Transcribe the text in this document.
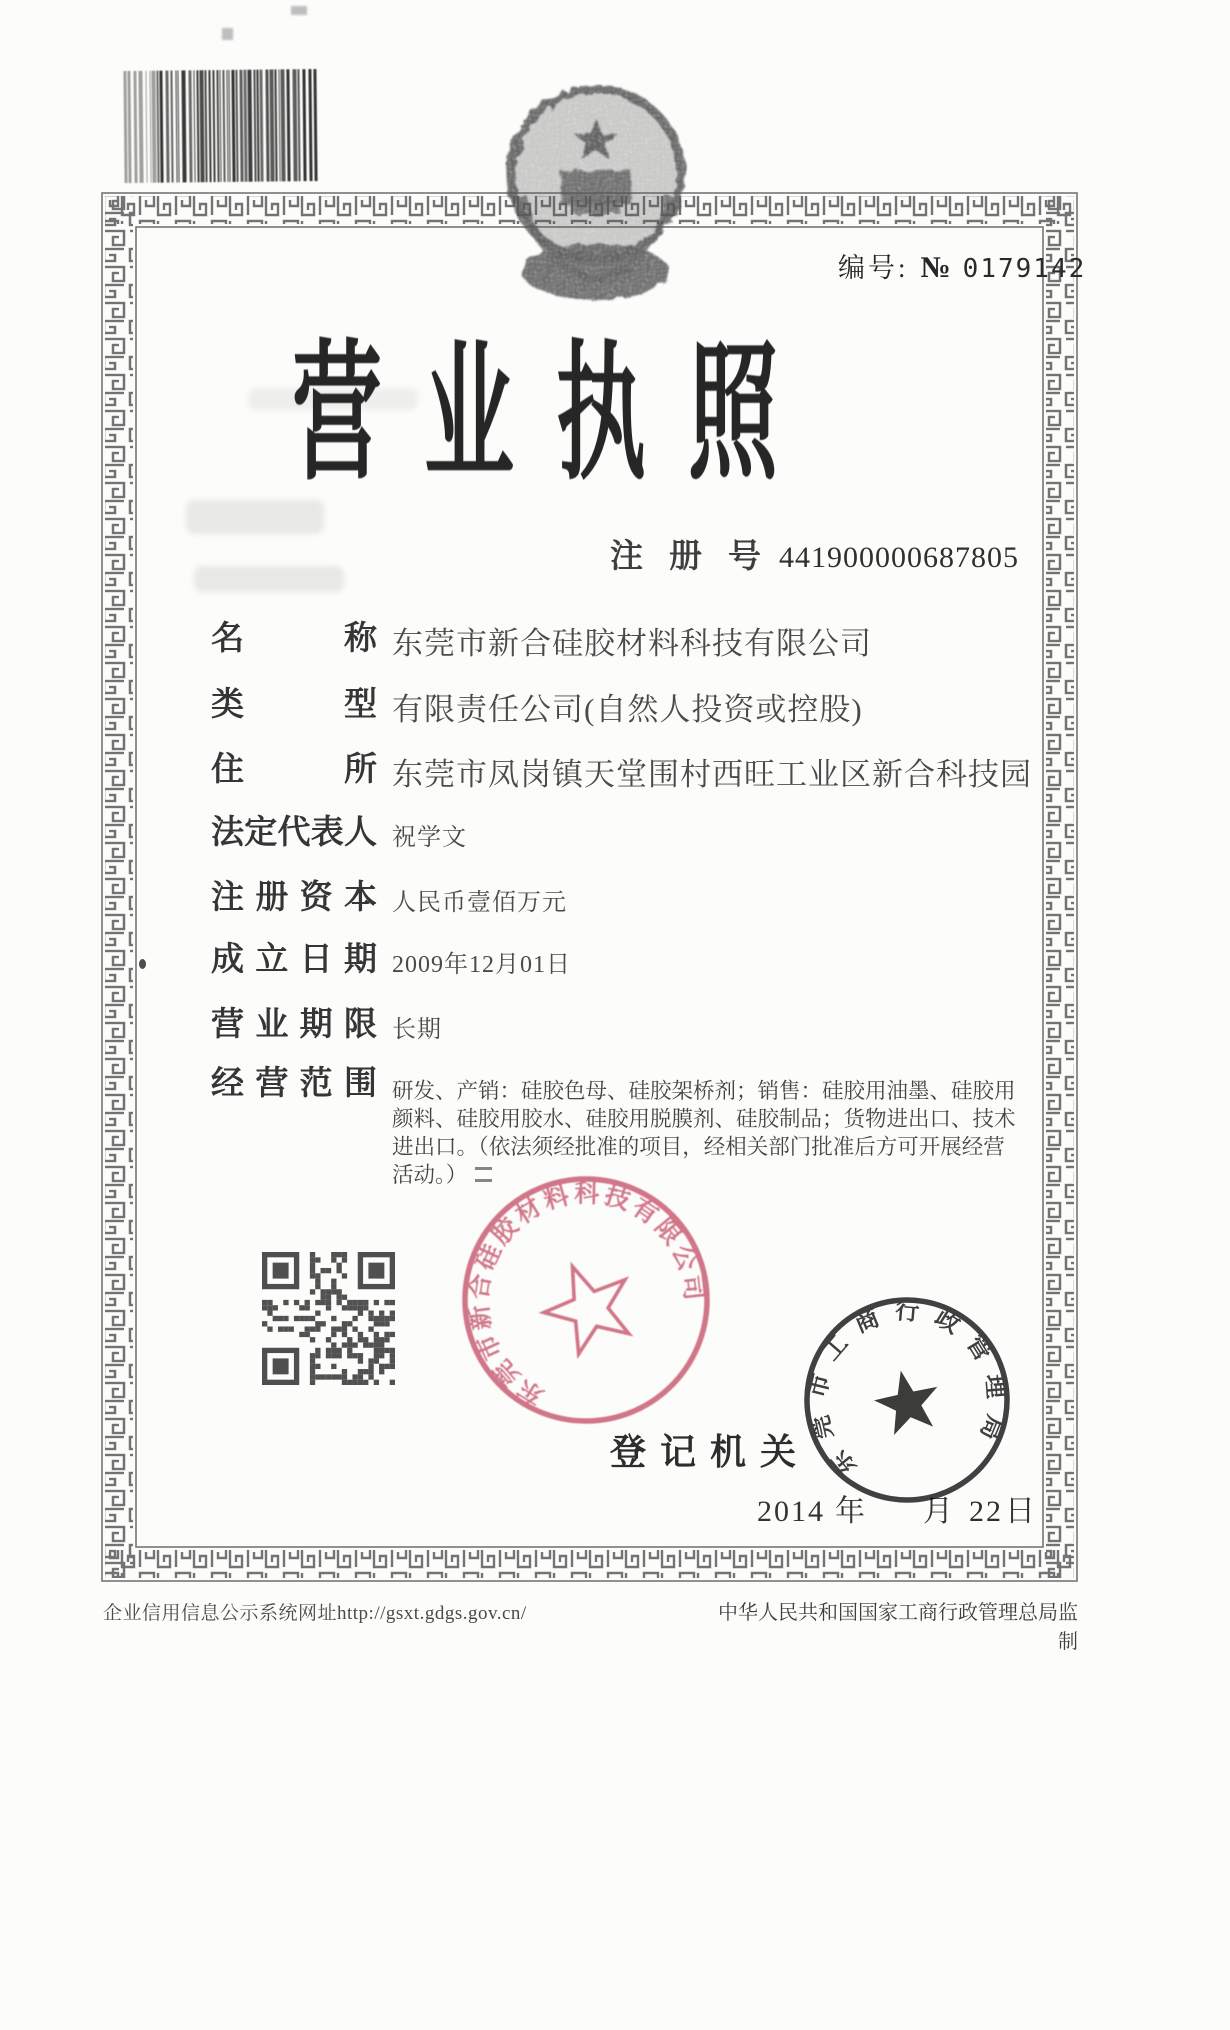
编号: № 0179142
营业执照
注册号
441900000687805
名称 东莞市新合硅胶材料科技有限公司
类型 有限责任公司(自然人投资或控股)
住所 东莞市凤岗镇天堂围村西旺工业区新合科技园
法定代表人 祝学文
注册资本 人民币壹佰万元
成立日期 2009年12月01日
营业期限 长期
经营范围 研发、产销：硅胶色母、硅胶架桥剂；销售：硅胶用油墨、硅胶用
颜料、硅胶用胶水、硅胶用脱膜剂、硅胶制品；货物进出口、技术
进出口。（依法须经批准的项目，经相关部门批准后方可开展经营
活动。）
东莞市新合硅胶材料科技有限公司
登记机关
2014 年 月 22日
东莞市工商行政管理局
企业信用信息公示系统网址http://gsxt.gdgs.gov.cn/	中华人民共和国国家工商行政管理总局监制
